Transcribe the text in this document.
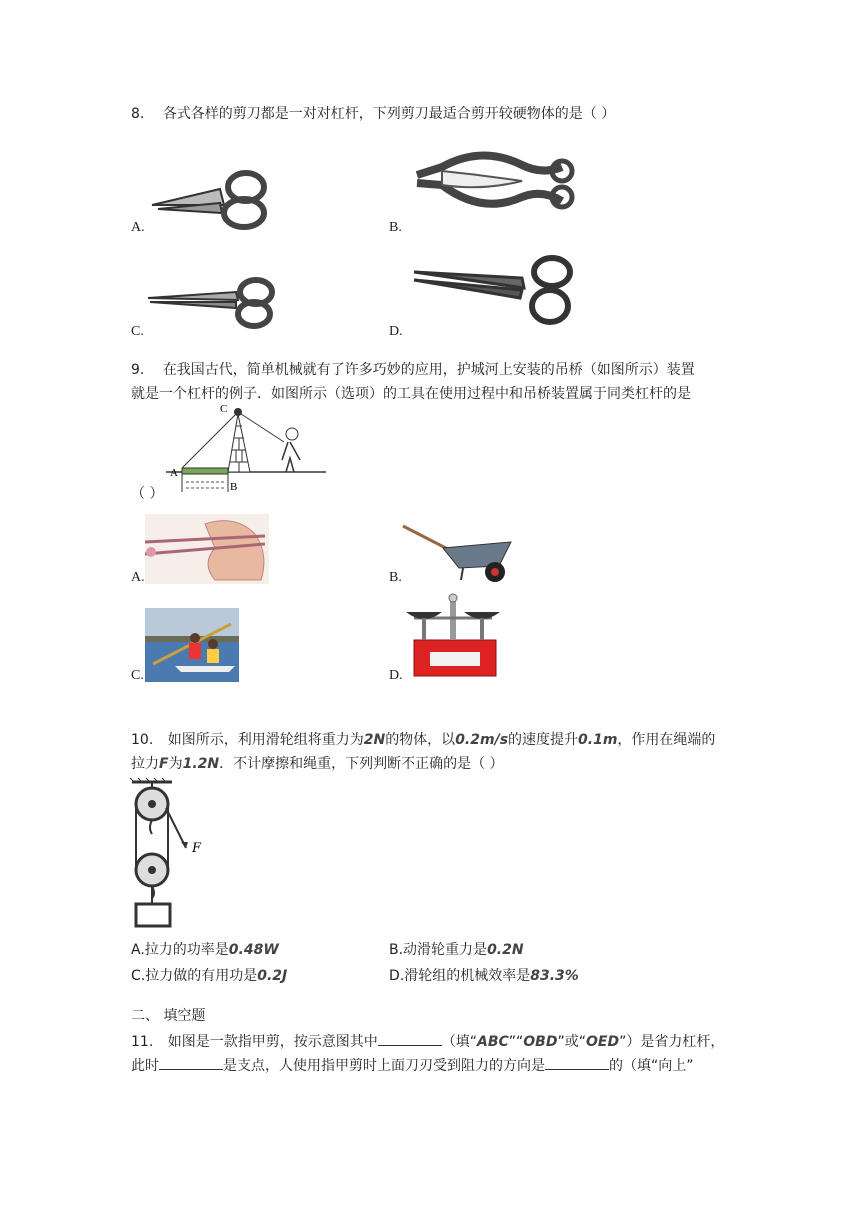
8. 各式各样的剪刀都是一对对杠杆，下列剪刀最适合剪开较硬物体的是（ ）
A.	B.
C.	D.
9. 在我国古代，简单机械就有了许多巧妙的应用，护城河上安装的吊桥（如图所示）装置
就是一个杠杆的例子．如图所示（选项）的工具在使用过程中和吊桥装置属于同类杠杆的是
C
A
B
（ ）
A.	B.
C.	D.
10. 如图所示，利用滑轮组将重力为2N的物体，以0.2m/s的速度提升0.1m，作用在绳端的
拉力F为1.2N．不计摩擦和绳重，下列判断不正确的是（ ）
F
A.拉力的功率是0.48W	B.动滑轮重力是0.2N
C.拉力做的有用功是0.2J	D.滑轮组的机械效率是83.3%
二、 填空题
11. 如图是一款指甲剪，按示意图其中	（填“ABC”“OBD”或“OED”）是省力杠杆，
此时	是支点，人使用指甲剪时上面刀刃受到阻力的方向是	的（填“向上”
